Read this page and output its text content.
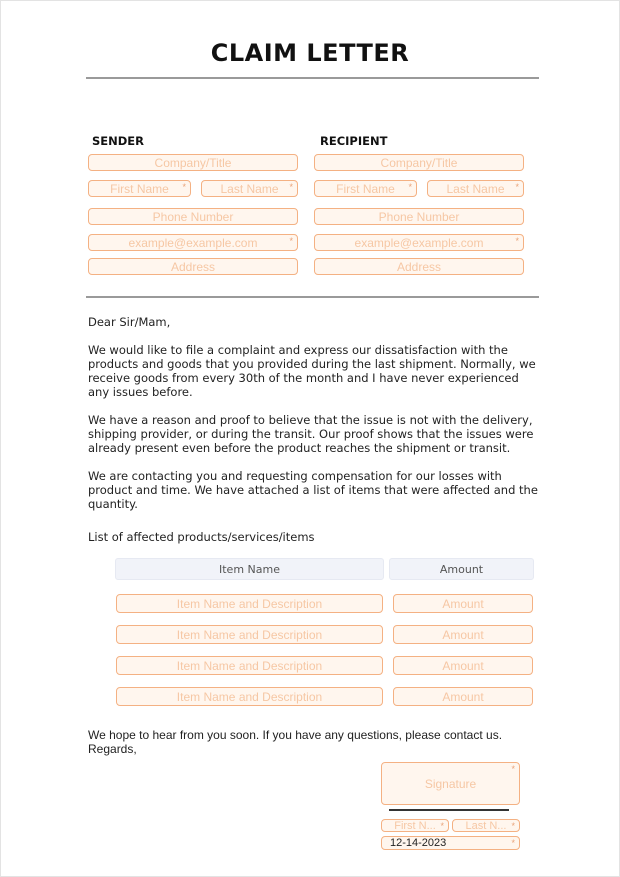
CLAIM LETTER
SENDER
Company/Title
First Name *	Last Name *
Phone Number
example@example.com	*
Address
RECIPIENT
Company/Title
First Name *	Last Name *
Phone Number
example@example.com	*
Address
Dear Sir/Mam,
We would like to file a complaint and express our dissatisfaction with the products and goods that you provided during the last shipment. Normally, we receive goods from every 30th of the month and I have never experienced any issues before.
We have a reason and proof to believe that the issue is not with the delivery, shipping provider, or during the transit. Our proof shows that the issues were already present even before the product reaches the shipment or transit.
We are contacting you and requesting compensation for our losses with product and time. We have attached a list of items that were affected and the quantity.
List of affected products/services/items
Item Name	Amount
Item Name and Description	Amount
Item Name and Description	Amount
Item Name and Description	Amount
Item Name and Description	Amount
We hope to hear from you soon. If you have any questions, please contact us.
Regards,
Signature
*
First N... * Last N... *
12-14-2023	*
